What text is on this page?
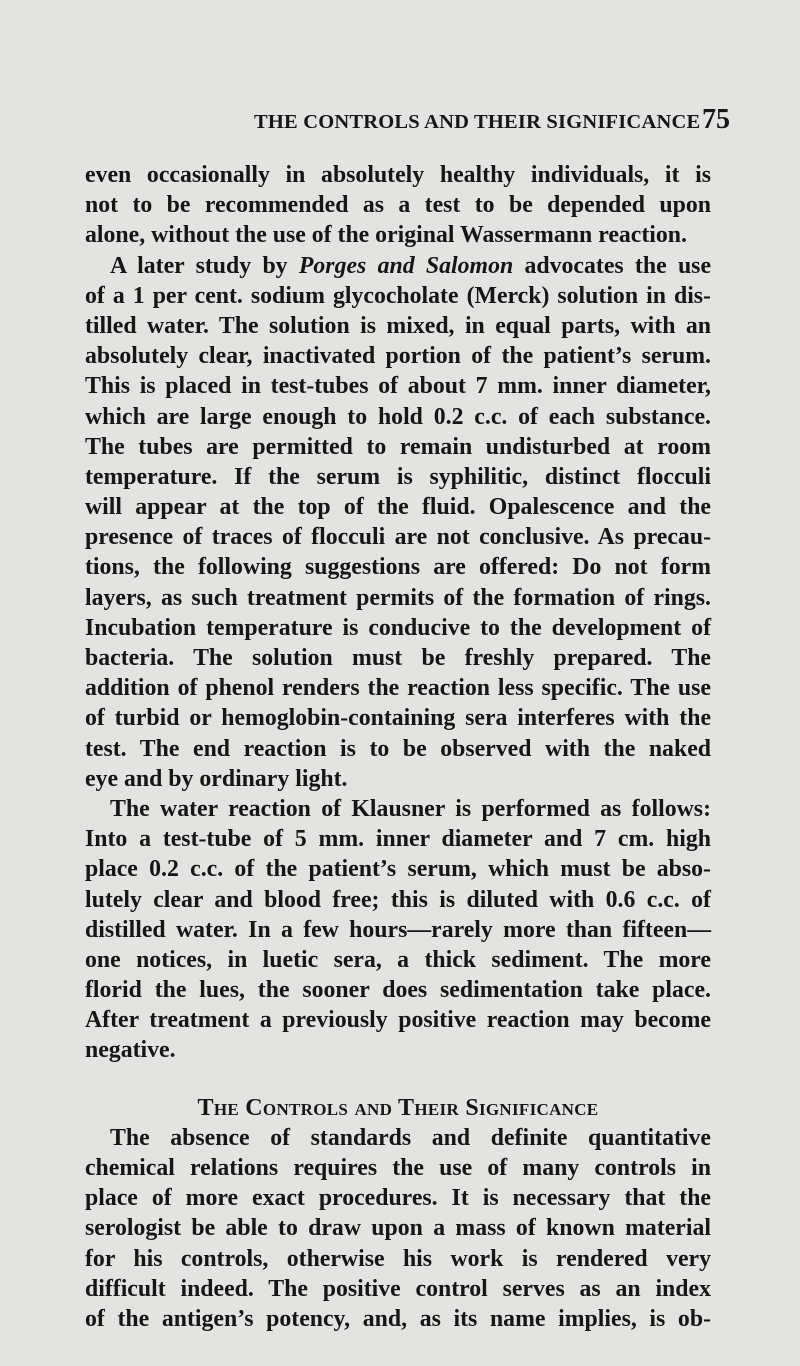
THE CONTROLS AND THEIR SIGNIFICANCE 75
even occasionally in absolutely healthy individuals, it is
not to be recommended as a test to be depended upon
alone, without the use of the original Wassermann reaction.
A later study by Porges and Salomon advocates the use
of a 1 per cent. sodium glycocholate (Merck) solution in dis-
tilled water. The solution is mixed, in equal parts, with an
absolutely clear, inactivated portion of the patient’s serum.
This is placed in test-tubes of about 7 mm. inner diameter,
which are large enough to hold 0.2 c.c. of each substance.
The tubes are permitted to remain undisturbed at room
temperature. If the serum is syphilitic, distinct flocculi
will appear at the top of the fluid. Opalescence and the
presence of traces of flocculi are not conclusive. As precau-
tions, the following suggestions are offered: Do not form
layers, as such treatment permits of the formation of rings.
Incubation temperature is conducive to the development of
bacteria. The solution must be freshly prepared. The
addition of phenol renders the reaction less specific. The use
of turbid or hemoglobin-containing sera interferes with the
test. The end reaction is to be observed with the naked
eye and by ordinary light.
The water reaction of Klausner is performed as follows:
Into a test-tube of 5 mm. inner diameter and 7 cm. high
place 0.2 c.c. of the patient’s serum, which must be abso-
lutely clear and blood free; this is diluted with 0.6 c.c. of
distilled water. In a few hours—rarely more than fifteen—
one notices, in luetic sera, a thick sediment. The more
florid the lues, the sooner does sedimentation take place.
After treatment a previously positive reaction may become
negative.
The Controls and Their Significance
The absence of standards and definite quantitative
chemical relations requires the use of many controls in
place of more exact procedures. It is necessary that the
serologist be able to draw upon a mass of known material
for his controls, otherwise his work is rendered very
difficult indeed. The positive control serves as an index
of the antigen’s potency, and, as its name implies, is ob-
